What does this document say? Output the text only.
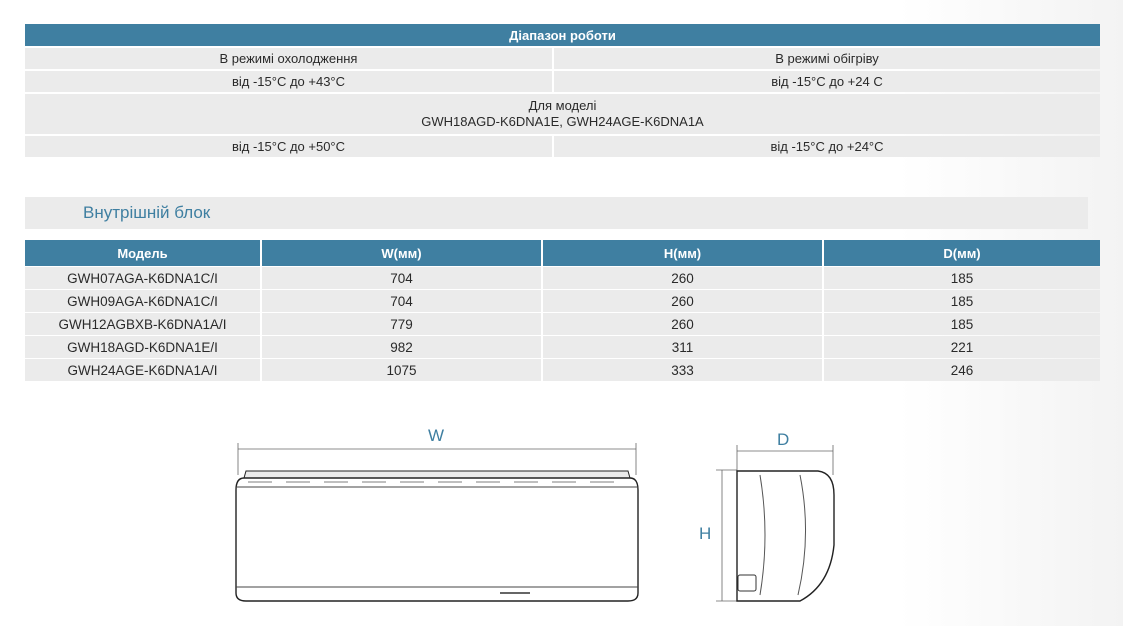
Діапазон роботи	
В режимі охолодження	В режимі обігріву
від -15°C до +43°C	від -15°C до +24 С

Для моделі
GWH18AGD-K6DNA1E, GWH24AGE-K6DNA1A	

від -15°C до +50°C	від -15°C до +24°C
Внутрішній блок
Модель	W(мм)	H(мм)	D(мм)
GWH07AGA-K6DNA1C/I	704	260	185
GWH09AGA-K6DNA1C/I	704	260	185
GWH12AGBXB-K6DNA1A/I	779	260	185
GWH18AGD-K6DNA1E/I	982	311	221
GWH24AGE-K6DNA1A/I	1075	333	246
W	D
H
